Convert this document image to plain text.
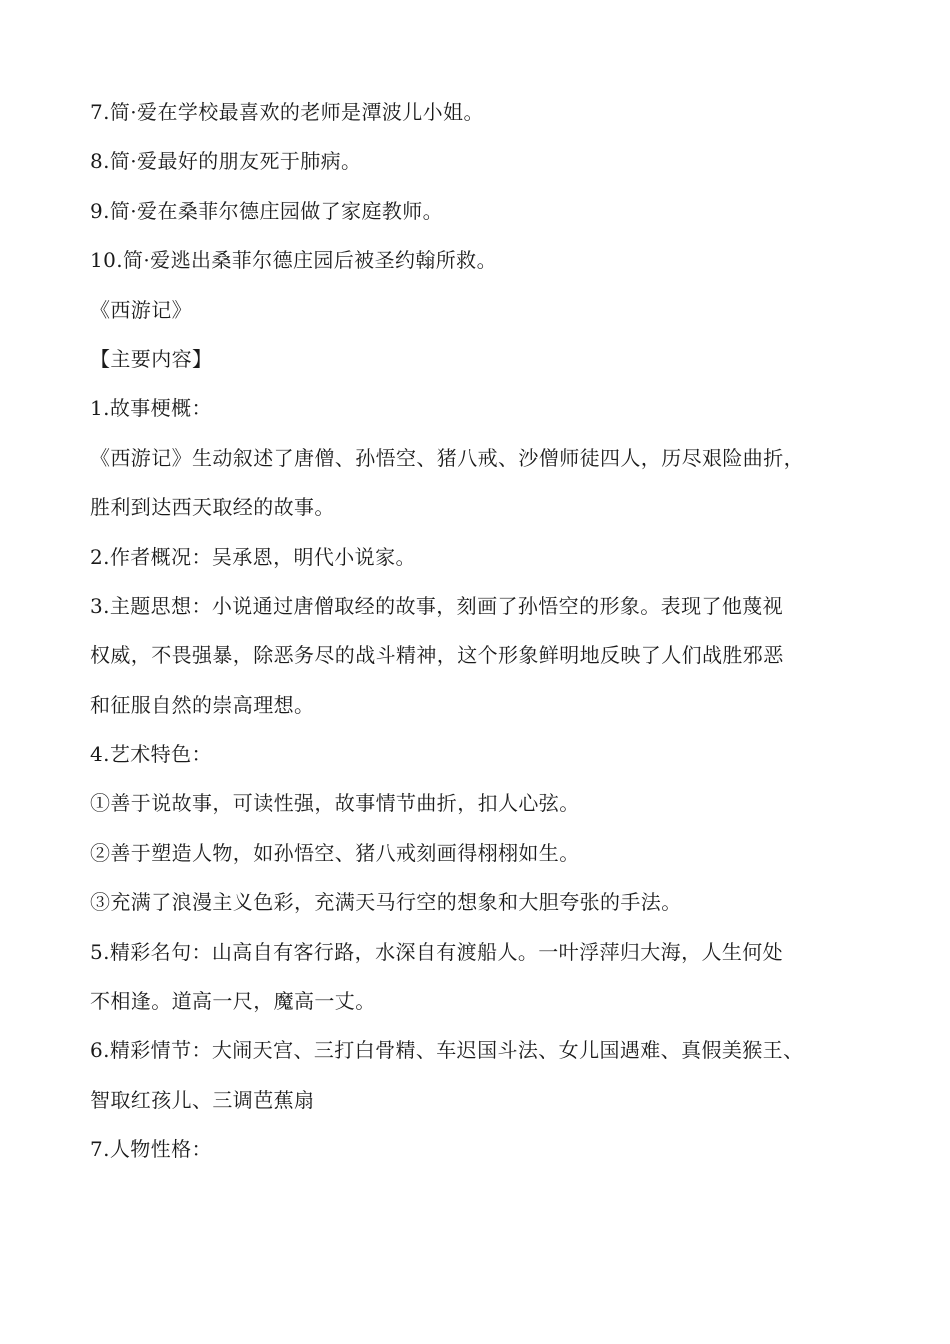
7.简·爱在学校最喜欢的老师是潭波儿小姐。
8.简·爱最好的朋友死于肺病。
9.简·爱在桑菲尔德庄园做了家庭教师。
10.简·爱逃出桑菲尔德庄园后被圣约翰所救。
《西游记》
【主要内容】
1.故事梗概：
《西游记》生动叙述了唐僧、孙悟空、猪八戒、沙僧师徒四人，历尽艰险曲折，
胜利到达西天取经的故事。
2.作者概况：吴承恩，明代小说家。
3.主题思想：小说通过唐僧取经的故事，刻画了孙悟空的形象。表现了他蔑视
权威，不畏强暴，除恶务尽的战斗精神，这个形象鲜明地反映了人们战胜邪恶
和征服自然的崇高理想。
4.艺术特色：
①善于说故事，可读性强，故事情节曲折，扣人心弦。
②善于塑造人物，如孙悟空、猪八戒刻画得栩栩如生。
③充满了浪漫主义色彩，充满天马行空的想象和大胆夸张的手法。
5.精彩名句：山高自有客行路，水深自有渡船人。一叶浮萍归大海，人生何处
不相逢。道高一尺，魔高一丈。
6.精彩情节：大闹天宫、三打白骨精、车迟国斗法、女儿国遇难、真假美猴王、
智取红孩儿、三调芭蕉扇
7.人物性格：
